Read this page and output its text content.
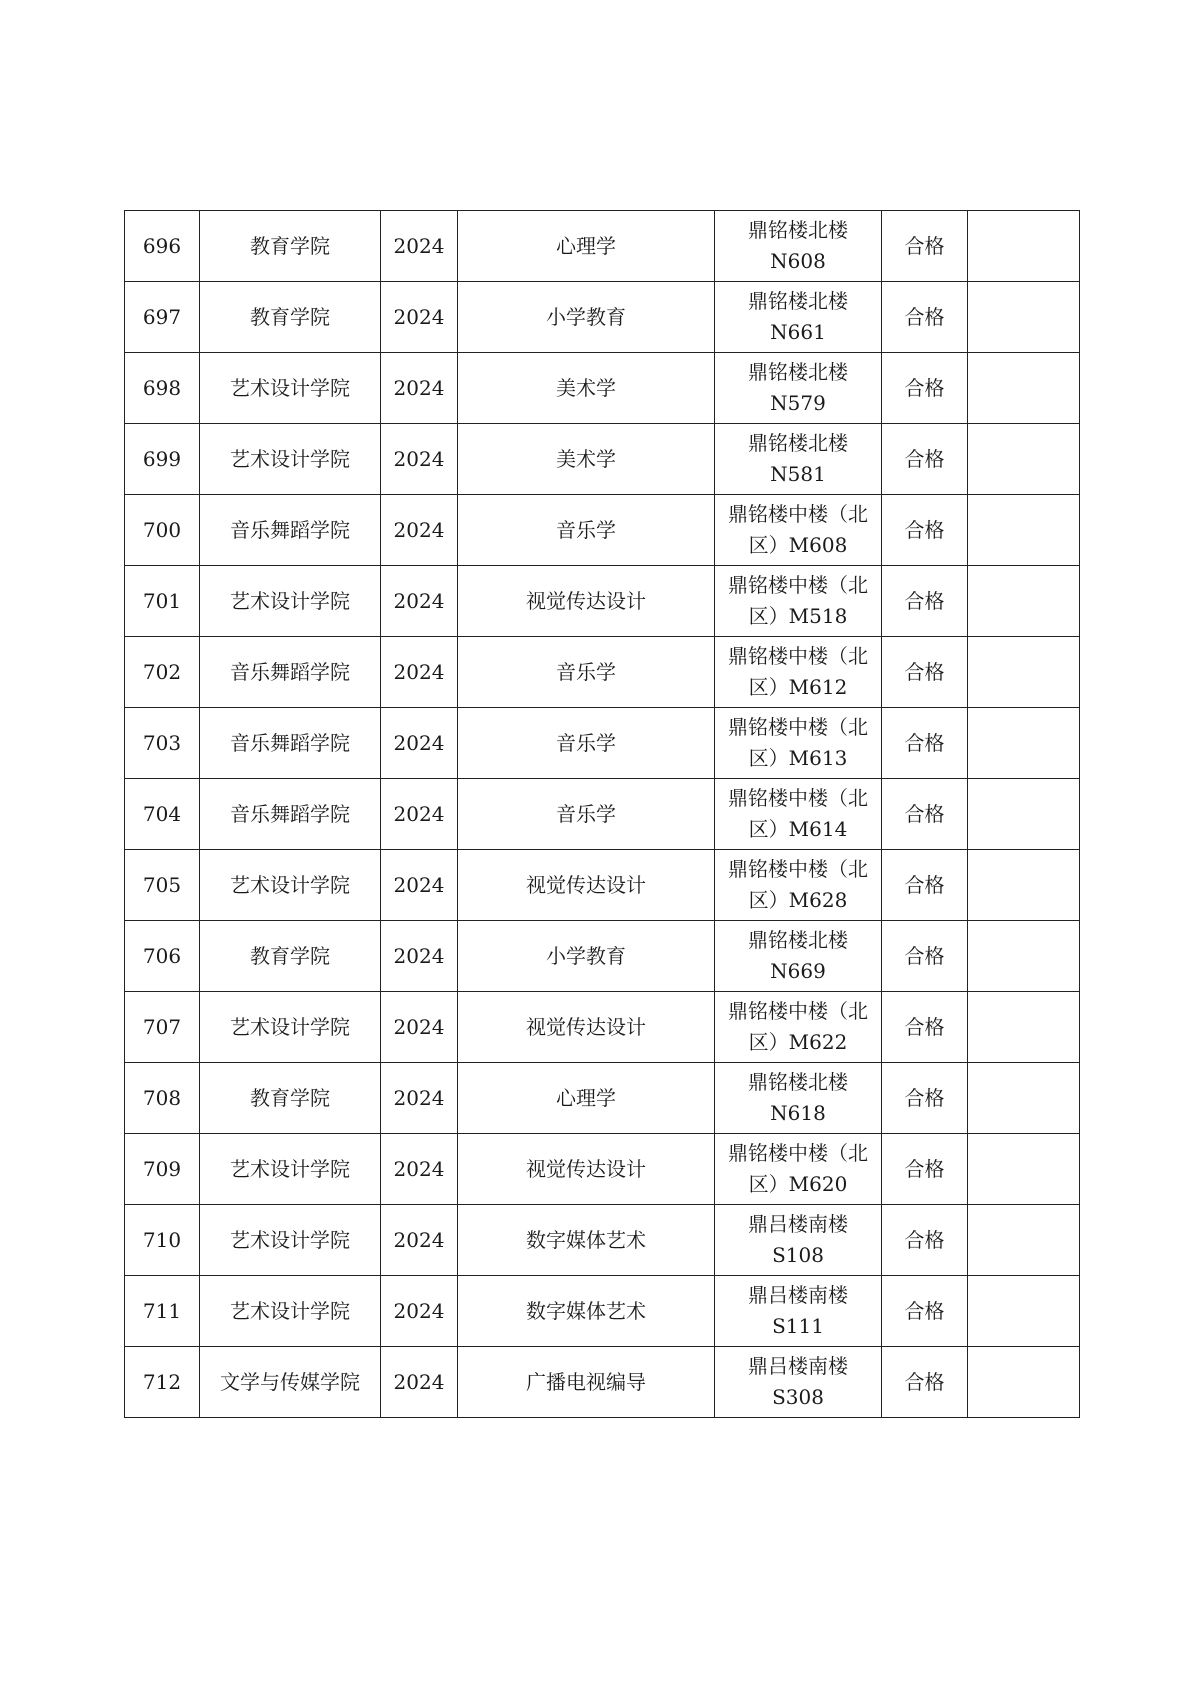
696	教育学院	2024	心理学	鼎铭楼北楼
N608	合格	
697	教育学院	2024	小学教育	鼎铭楼北楼
N661	合格	
698	艺术设计学院	2024	美术学	鼎铭楼北楼
N579	合格	
699	艺术设计学院	2024	美术学	鼎铭楼北楼
N581	合格	
700	音乐舞蹈学院	2024	音乐学	鼎铭楼中楼（北
区）M608	合格	
701	艺术设计学院	2024	视觉传达设计	鼎铭楼中楼（北
区）M518	合格	
702	音乐舞蹈学院	2024	音乐学	鼎铭楼中楼（北
区）M612	合格	
703	音乐舞蹈学院	2024	音乐学	鼎铭楼中楼（北
区）M613	合格	
704	音乐舞蹈学院	2024	音乐学	鼎铭楼中楼（北
区）M614	合格	
705	艺术设计学院	2024	视觉传达设计	鼎铭楼中楼（北
区）M628	合格	
706	教育学院	2024	小学教育	鼎铭楼北楼
N669	合格	
707	艺术设计学院	2024	视觉传达设计	鼎铭楼中楼（北
区）M622	合格	
708	教育学院	2024	心理学	鼎铭楼北楼
N618	合格	
709	艺术设计学院	2024	视觉传达设计	鼎铭楼中楼（北
区）M620	合格	
710	艺术设计学院	2024	数字媒体艺术	鼎吕楼南楼
S108	合格	
711	艺术设计学院	2024	数字媒体艺术	鼎吕楼南楼
S111	合格	
712	文学与传媒学院	2024	广播电视编导	鼎吕楼南楼
S308	合格	
